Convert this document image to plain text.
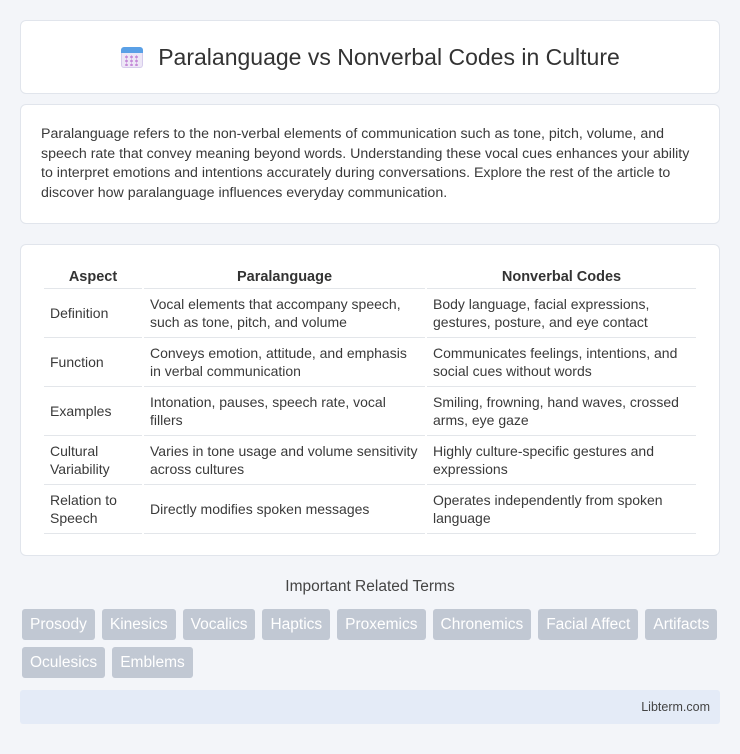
Paralanguage vs Nonverbal Codes in Culture

Paralanguage refers to the non-verbal elements of communication such as tone, pitch, volume, and speech rate that convey meaning beyond words. Understanding these vocal cues enhances your ability to interpret emotions and intentions accurately during conversations. Explore the rest of the article to discover how paralanguage influences everyday communication.

Aspect	Paralanguage	Nonverbal Codes
Definition	Vocal elements that accompany speech, such as tone, pitch, and volume	Body language, facial expressions, gestures, posture, and eye contact
Function	Conveys emotion, attitude, and emphasis in verbal communication	Communicates feelings, intentions, and social cues without words
Examples	Intonation, pauses, speech rate, vocal fillers	Smiling, frowning, hand waves, crossed arms, eye gaze
Cultural Variability	Varies in tone usage and volume sensitivity across cultures	Highly culture-specific gestures and expressions
Relation to Speech	Directly modifies spoken messages	Operates independently from spoken language
Important Related Terms
Prosody	Kinesics	Vocalics	Haptics	Proxemics	Chronemics	Facial Affect	Artifacts
Oculesics	Emblems
Libterm.com
